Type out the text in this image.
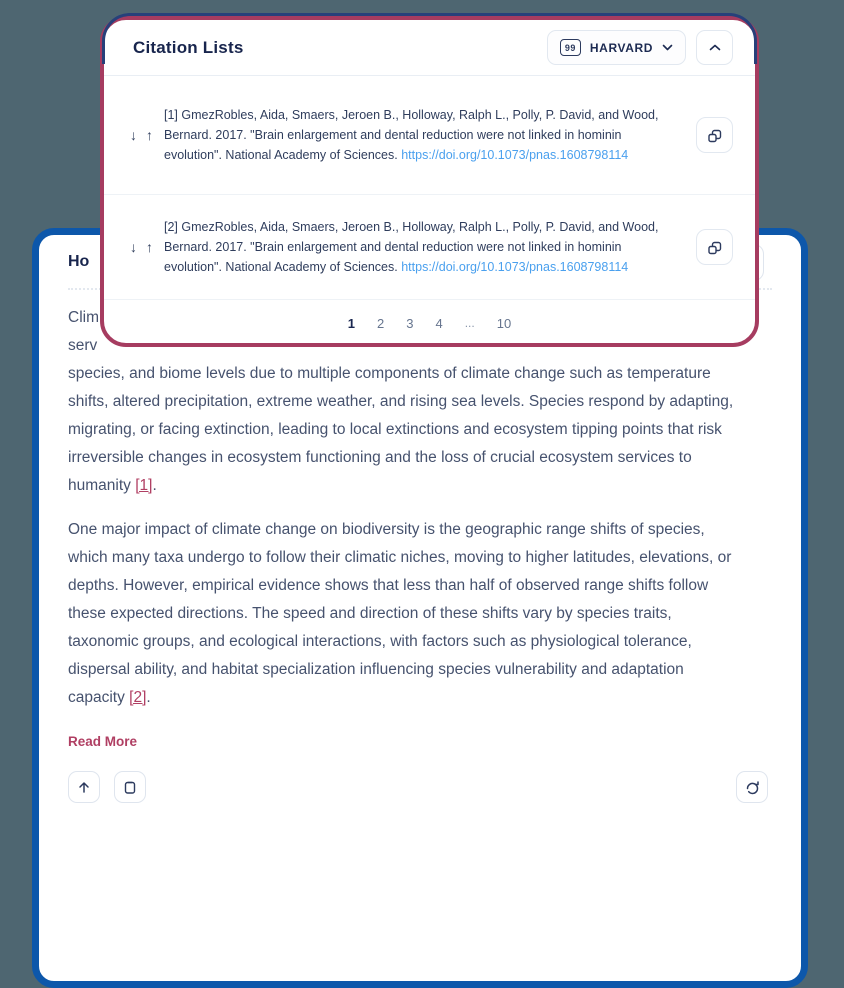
Ho
Clim
serv
species, and biome levels due to multiple components of climate change such as temperature
shifts, altered precipitation, extreme weather, and rising sea levels. Species respond by adapting,
migrating, or facing extinction, leading to local extinctions and ecosystem tipping points that risk
irreversible changes in ecosystem functioning and the loss of crucial ecosystem services to
humanity [1].
One major impact of climate change on biodiversity is the geographic range shifts of species,
which many taxa undergo to follow their climatic niches, moving to higher latitudes, elevations, or
depths. However, empirical evidence shows that less than half of observed range shifts follow
these expected directions. The speed and direction of these shifts vary by species traits,
taxonomic groups, and ecological interactions, with factors such as physiological tolerance,
dispersal ability, and habitat specialization influencing species vulnerability and adaptation
capacity [2].
Read More
Citation Lists	99	HARVARD
↓ ↑
[1] GmezRobles, Aida, Smaers, Jeroen B., Holloway, Ralph L., Polly, P. David, and Wood, Bernard. 2017. "Brain enlargement and dental reduction were not linked in hominin evolution". National Academy of Sciences. https://doi.org/10.1073/pnas.1608798114
↓ ↑
[2] GmezRobles, Aida, Smaers, Jeroen B., Holloway, Ralph L., Polly, P. David, and Wood, Bernard. 2017. "Brain enlargement and dental reduction were not linked in hominin evolution". National Academy of Sciences. https://doi.org/10.1073/pnas.1608798114
1 2 3 4 ... 10
